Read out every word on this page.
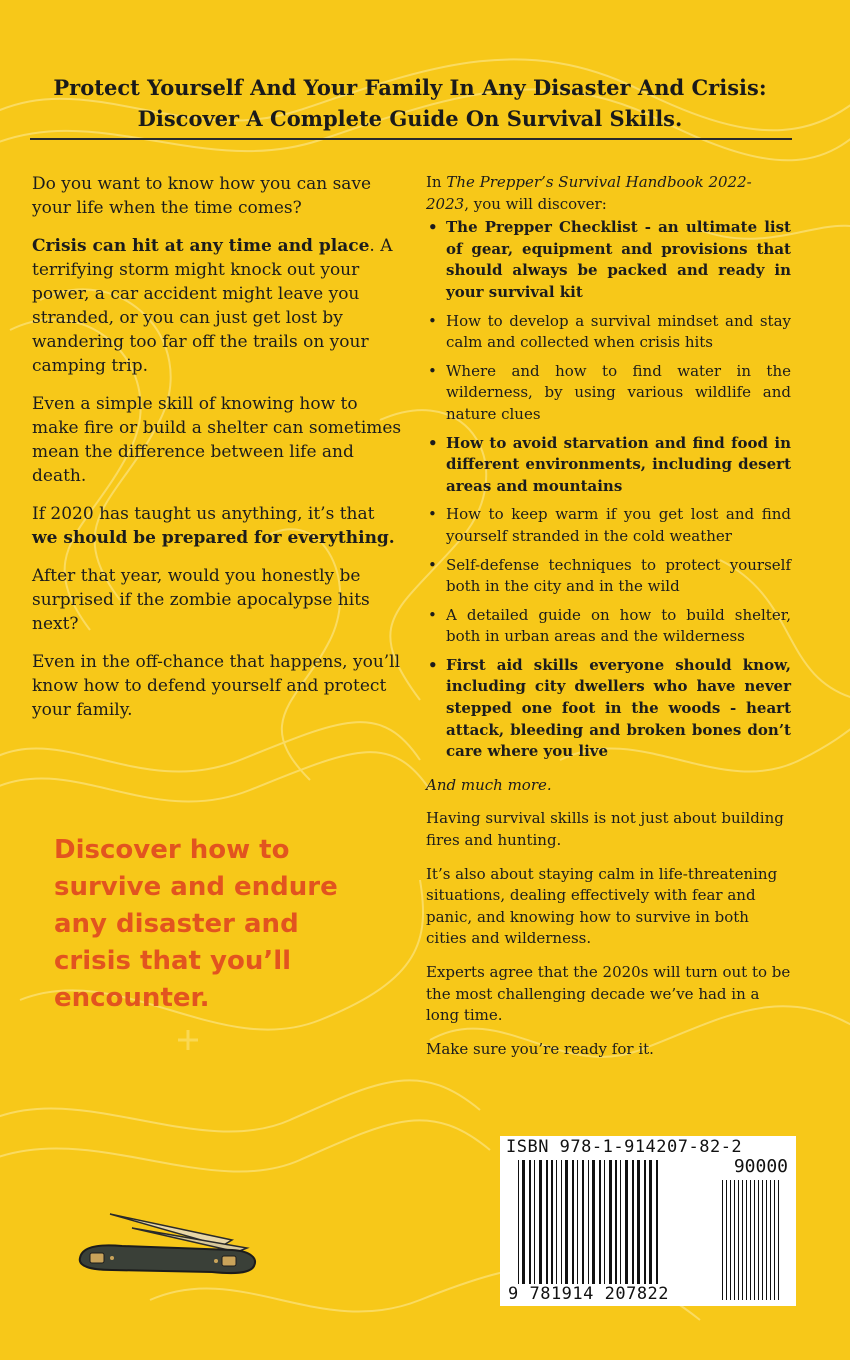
Protect Yourself And Your Family In Any Disaster And Crisis:
Discover A Complete Guide On Survival Skills.

Do you want to know how you can save your life when the time comes?

Crisis can hit at any time and place. A terrifying storm might knock out your power, a car accident might leave you stranded, or you can just get lost by wandering too far off the trails on your camping trip.

Even a simple skill of knowing how to make fire or build a shelter can sometimes mean the difference between life and death.

If 2020 has taught us anything, it’s that we should be prepared for everything.

After that year, would you honestly be surprised if the zombie apocalypse hits next?

Even in the off-chance that happens, you’ll know how to defend yourself and protect your family.

Discover how to
survive and endure
any disaster and
crisis that you’ll
encounter.

In The Prepper’s Survival Handbook 2022-2023, you will discover:

• The Prepper Checklist - an ultimate list of gear, equipment and provisions that should always be packed and ready in your survival kit
• How to develop a survival mindset and stay calm and collected when crisis hits
• Where and how to find water in the wilderness, by using various wildlife and nature clues
• How to avoid starvation and find food in different environments, including desert areas and mountains
• How to keep warm if you get lost and find yourself stranded in the cold weather
• Self-defense techniques to protect yourself both in the city and in the wild
• A detailed guide on how to build shelter, both in urban areas and the wilderness
• First aid skills everyone should know, including city dwellers who have never stepped one foot in the woods - heart attack, bleeding and broken bones don’t care where you live

And much more.

Having survival skills is not just about building fires and hunting.

It’s also about staying calm in life-threatening situations, dealing effectively with fear and panic, and knowing how to survive in both cities and wilderness.

Experts agree that the 2020s will turn out to be the most challenging decade we’ve had in a long time.

Make sure you’re ready for it.

ISBN 978-1-914207-82-2
90000
9 781914 207822
